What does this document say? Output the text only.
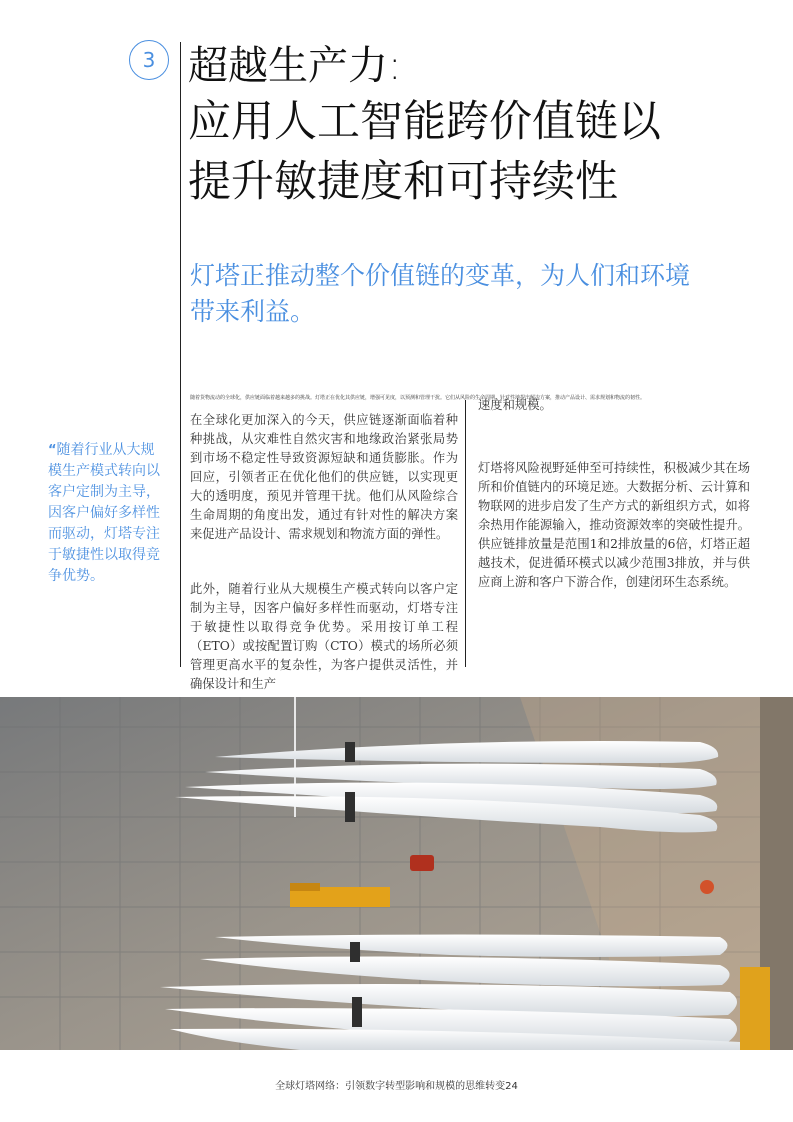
3 超越生产力:
应用人工智能跨价值链以
提升敏捷度和可持续性
灯塔正推动整个价值链的变革，为人们和环境
带来利益。
随着货物流动的全球化，供应链面临着越来越多的挑战。灯塔正在优化其供应链，增强可见度，以预测和管理干扰。它们从风险的生命周期，针对性地提出解决方案，推动产品设计、需求规划和物流的韧性。
“随着行业从大规模生产模式转向以客户定制为主导，因客户偏好多样性而驱动，灯塔专注于敏捷性以取得竞争优势。
在全球化更加深入的今天，供应链逐渐面临着种种挑战，从灾难性自然灾害和地缘政治紧张局势到市场不稳定性导致资源短缺和通货膨胀。作为回应，引领者正在优化他们的供应链，以实现更大的透明度，预见并管理干扰。他们从风险综合生命周期的角度出发，通过有针对性的解决方案来促进产品设计、需求规划和物流方面的弹性。
此外，随着行业从大规模生产模式转向以客户定制为主导，因客户偏好多样性而驱动，灯塔专注于敏捷性以取得竞争优势。采用按订单工程（ETO）或按配置订购（CTO）模式的场所必须管理更高水平的复杂性，为客户提供灵活性，并确保设计和生产
速度和规模。
灯塔将风险视野延伸至可持续性，积极减少其在场所和价值链内的环境足迹。大数据分析、云计算和物联网的进步启发了生产方式的新组织方式，如将余热用作能源输入，推动资源效率的突破性提升。供应链排放量是范围1和2排放量的6倍，灯塔正超越技术，促进循环模式以减少范围3排放，并与供应商上游和客户下游合作，创建闭环生态系统。
全球灯塔网络：引领数字转型影响和规模的思维转变24
